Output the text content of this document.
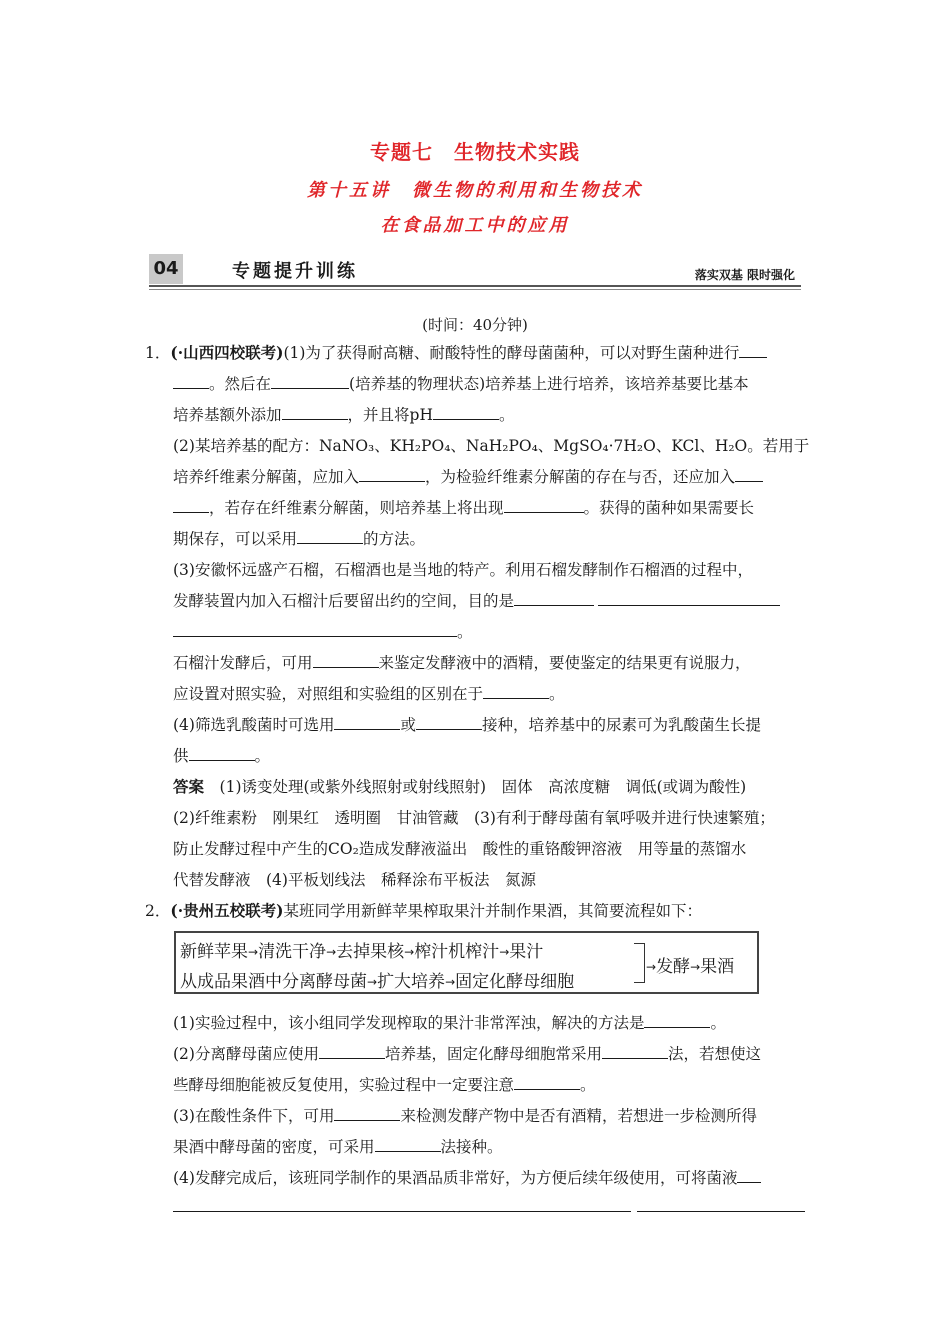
专题七　生物技术实践
第十五讲　微生物的利用和生物技术
在食品加工中的应用
04	专题提升训练	落实双基 限时强化
(时间：40分钟)
1．(·山西四校联考)(1)为了获得耐高糖、耐酸特性的酵母菌菌种，可以对野生菌种进行
。然后在	(培养基的物理状态)培养基上进行培养，该培养基要比基本
培养基额外添加	，并且将pH	。
(2)某培养基的配方：NaNO₃、KH₂PO₄、NaH₂PO₄、MgSO₄·7H₂O、KCl、H₂O。若用于
培养纤维素分解菌，应加入	，为检验纤维素分解菌的存在与否，还应加入
，若存在纤维素分解菌，则培养基上将出现	。获得的菌种如果需要长
期保存，可以采用	的方法。
(3)安徽怀远盛产石榴，石榴酒也是当地的特产。利用石榴发酵制作石榴酒的过程中，
发酵装置内加入石榴汁后要留出约的空间，目的是
。
石榴汁发酵后，可用	来鉴定发酵液中的酒精，要使鉴定的结果更有说服力，
应设置对照实验，对照组和实验组的区别在于	。
(4)筛选乳酸菌时可选用	或	接种，培养基中的尿素可为乳酸菌生长提
供	。
答案　 (1)诱变处理(或紫外线照射或射线照射)　固体　高浓度糖　调低(或调为酸性)
(2)纤维素粉　刚果红　透明圈　甘油管藏　(3)有利于酵母菌有氧呼吸并进行快速繁殖；
防止发酵过程中产生的CO₂造成发酵液溢出　酸性的重铬酸钾溶液　用等量的蒸馏水
代替发酵液　(4)平板划线法　稀释涂布平板法　氮源
2．(·贵州五校联考)某班同学用新鲜苹果榨取果汁并制作果酒，其简要流程如下：
新鲜苹果→清洗干净→去掉果核→榨汁机榨汁→果汁
从成品果酒中分离酵母菌→扩大培养→固定化酵母细胞
→发酵→果酒
(1)实验过程中，该小组同学发现榨取的果汁非常浑浊，解决的方法是	。
(2)分离酵母菌应使用	培养基，固定化酵母细胞常采用	法，若想使这
些酵母细胞能被反复使用，实验过程中一定要注意	。
(3)在酸性条件下，可用	来检测发酵产物中是否有酒精，若想进一步检测所得
果酒中酵母菌的密度，可采用	法接种。
(4)发酵完成后，该班同学制作的果酒品质非常好，为方便后续年级使用，可将菌液
